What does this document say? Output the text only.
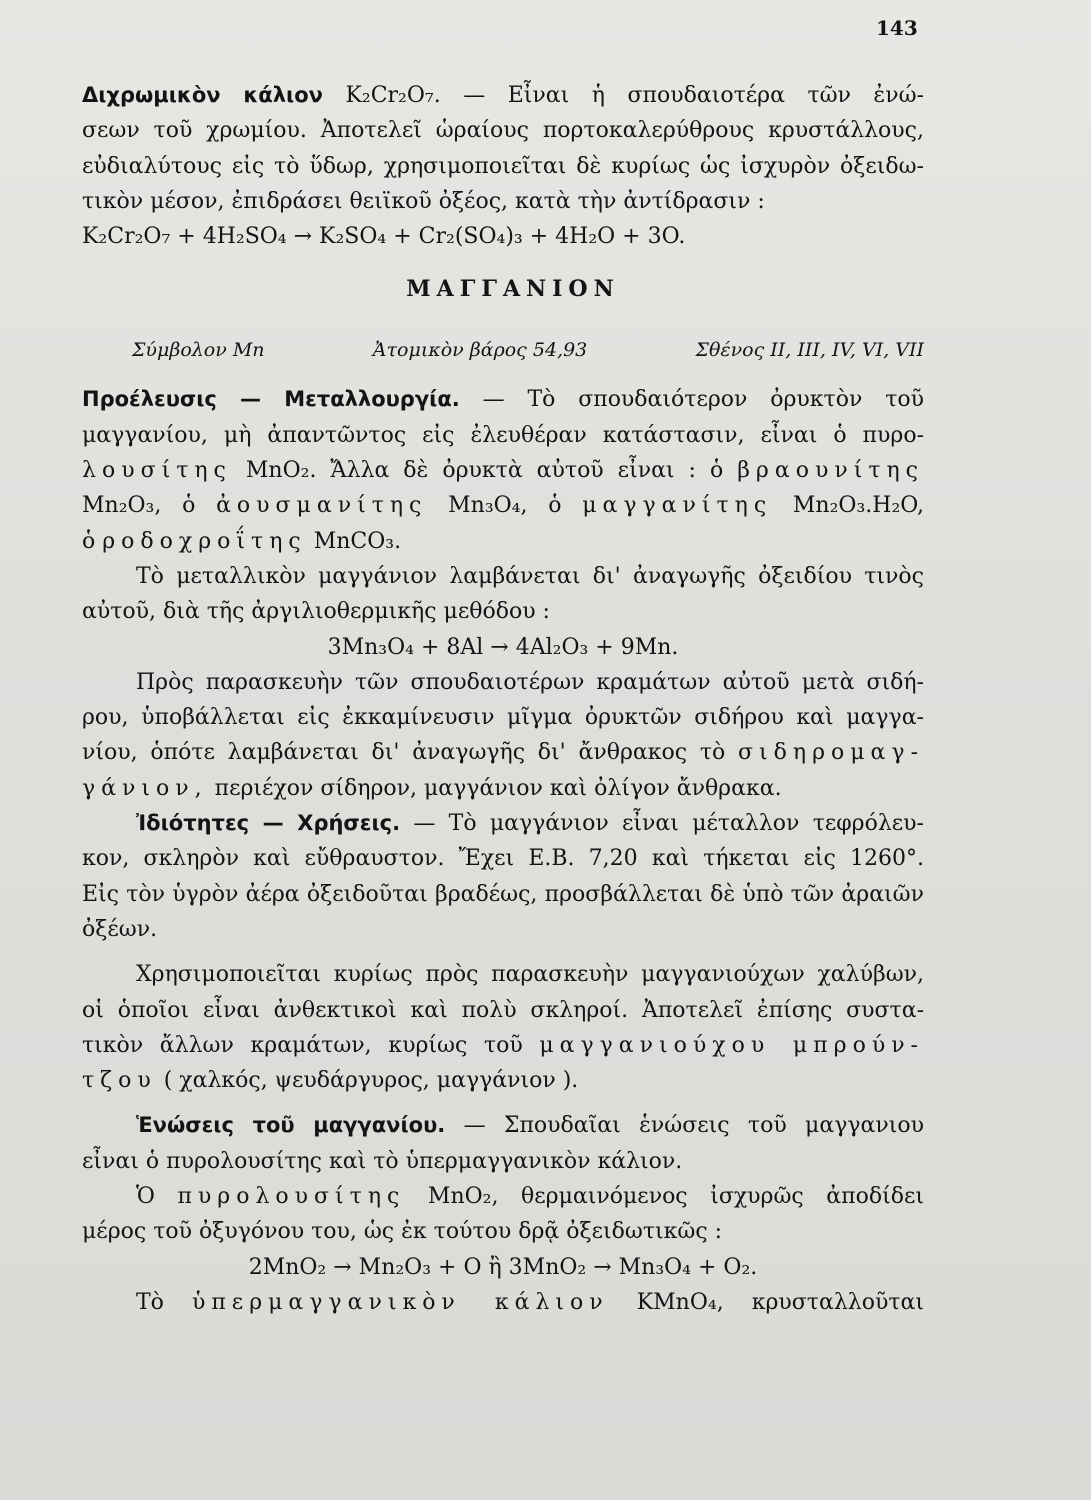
143
Διχρωμικὸν κάλιον K₂Cr₂O₇. — Εἶναι ἡ σπουδαιοτέρα τῶν ἐνώ-
σεων τοῦ χρωμίου. Ἀποτελεῖ ὡραίους πορτοκαλερύθρους κρυστάλλους,
εὐδιαλύτους εἰς τὸ ὕδωρ, χρησιμοποιεῖται δὲ κυρίως ὡς ἰσχυρὸν ὀξειδω-
τικὸν μέσον, ἐπιδράσει θειϊκοῦ ὀξέος, κατὰ τὴν ἀντίδρασιν :
K₂Cr₂O₇ + 4H₂SO₄ → K₂SO₄ + Cr₂(SO₄)₃ + 4H₂O + 3O.
ΜΑΓΓΑΝΙΟΝ
Σύμβολον Mn	Ἀτομικὸν βάρος 54,93	Σθένος II, III, IV, VI, VII
Προέλευσις — Μεταλλουργία. — Τὸ σπουδαιότερον ὀρυκτὸν τοῦ
μαγγανίου, μὴ ἀπαντῶντος εἰς ἐλευθέραν κατάστασιν, εἶναι ὁ πυρο-
λουσίτης MnO₂. Ἄλλα δὲ ὀρυκτὰ αὐτοῦ εἶναι : ὁ βραουνίτης
Mn₂O₃, ὁ ἀουσμανίτης Mn₃O₄, ὁ μαγγανίτης Mn₂O₃.H₂O,
ὁ ροδοχροΐτης MnCO₃.
Τὸ μεταλλικὸν μαγγάνιον λαμβάνεται δι' ἀναγωγῆς ὀξειδίου τινὸς
αὐτοῦ, διὰ τῆς ἀργιλιοθερμικῆς μεθόδου :
3Mn₃O₄ + 8Al → 4Al₂O₃ + 9Mn.
Πρὸς παρασκευὴν τῶν σπουδαιοτέρων κραμάτων αὐτοῦ μετὰ σιδή-
ρου, ὑποβάλλεται εἰς ἐκκαμίνευσιν μῖγμα ὀρυκτῶν σιδήρου καὶ μαγγα-
νίου, ὁπότε λαμβάνεται δι' ἀναγωγῆς δι' ἄνθρακος τὸ σιδηρομαγ-
γάνιον, περιέχον σίδηρον, μαγγάνιον καὶ ὀλίγον ἄνθρακα.
Ἰδιότητες — Χρήσεις. — Τὸ μαγγάνιον εἶναι μέταλλον τεφρόλευ-
κον, σκληρὸν καὶ εὔθραυστον. Ἔχει Ε.Β. 7,20 καὶ τήκεται εἰς 1260°.
Εἰς τὸν ὑγρὸν ἀέρα ὀξειδοῦται βραδέως, προσβάλλεται δὲ ὑπὸ τῶν ἀραιῶν
ὀξέων.
Χρησιμοποιεῖται κυρίως πρὸς παρασκευὴν μαγγανιούχων χαλύβων,
οἱ ὁποῖοι εἶναι ἀνθεκτικοὶ καὶ πολὺ σκληροί. Ἀποτελεῖ ἐπίσης συστα-
τικὸν ἄλλων κραμάτων, κυρίως τοῦ μαγγανιούχου μπρούν-
τζου ( χαλκός, ψευδάργυρος, μαγγάνιον ).
Ἑνώσεις τοῦ μαγγανίου. — Σπουδαῖαι ἑνώσεις τοῦ μαγγανιου
εἶναι ὁ πυρολουσίτης καὶ τὸ ὑπερμαγγανικὸν κάλιον.
Ὁ πυρολουσίτης MnO₂, θερμαινόμενος ἰσχυρῶς ἀποδίδει
μέρος τοῦ ὀξυγόνου του, ὡς ἐκ τούτου δρᾷ ὀξειδωτικῶς :
2MnO₂ → Mn₂O₃ + O ἢ 3MnO₂ → Mn₃O₄ + O₂.
Τὸ ὑπερμαγγανικὸν κάλιον KMnO₄, κρυσταλλοῦται
